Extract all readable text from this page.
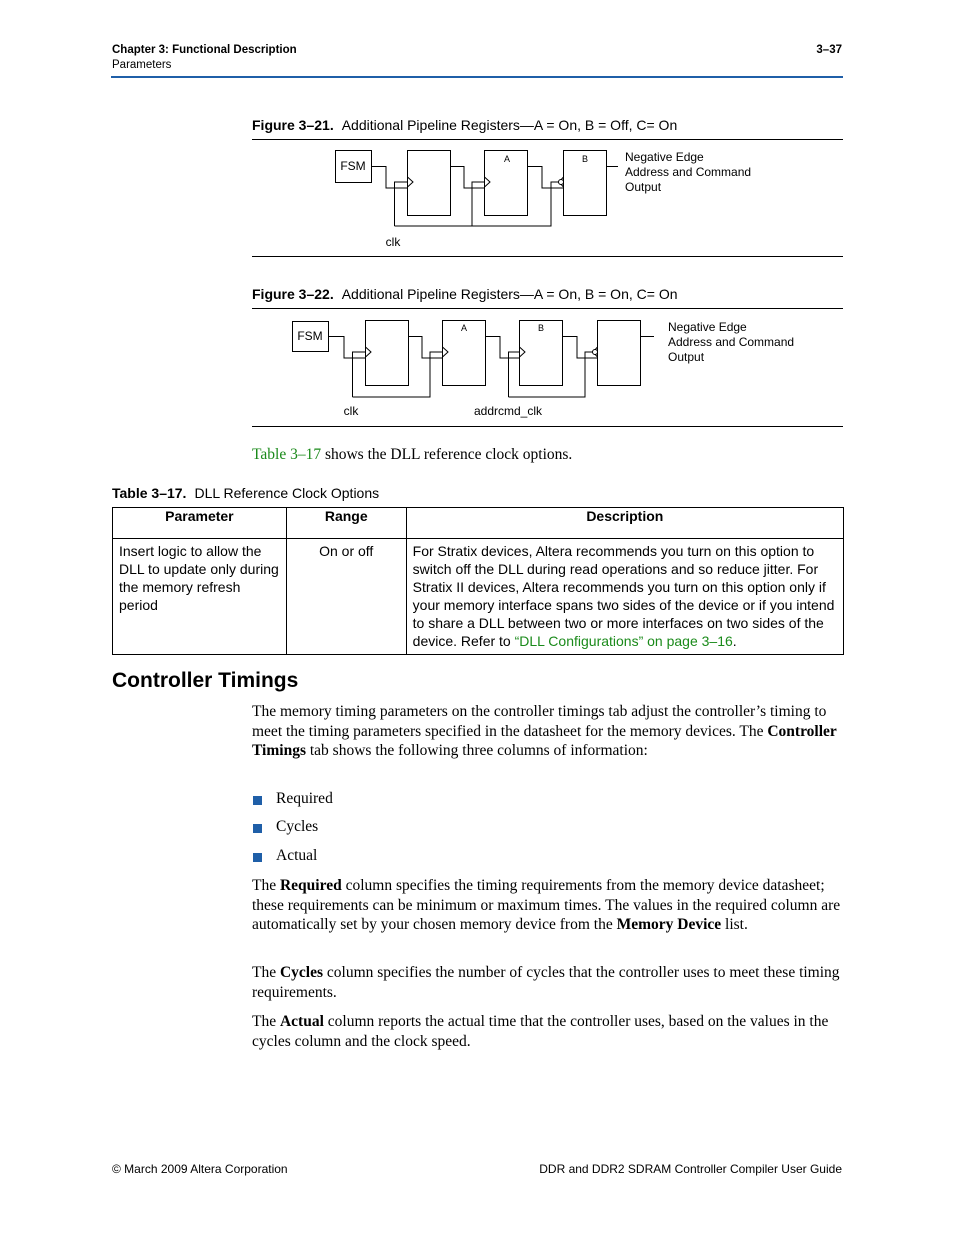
Chapter 3: Functional Description
Parameters
3–37
Figure 3–21. Additional Pipeline Registers—A = On, B = Off, C= On
FSM	A	B
clk
Negative Edge
Address and Command
Output
Figure 3–22. Additional Pipeline Registers—A = On, B = On, C= On
FSM
A	B
clk	addrcmd_clk
Negative Edge
Address and Command
Output
Table 3–17 shows the DLL reference clock options.
Table 3–17. DLL Reference Clock Options
Parameter	Range	Description
Insert logic to allow the DLL to update only during the memory refresh period	On or off	For Stratix devices, Altera recommends you turn on this option to switch off the DLL during read operations and so reduce jitter. For Stratix II devices, Altera recommends you turn on this option only if your memory interface spans two sides of the device or if you intend to share a DLL between two or more interfaces on two sides of the device. Refer to “DLL Configurations” on page 3–16.
Controller Timings
The memory timing parameters on the controller timings tab adjust the controller’s timing to meet the timing parameters specified in the datasheet for the memory devices. The Controller Timings tab shows the following three columns of information:
Required
Cycles
Actual
The Required column specifies the timing requirements from the memory device datasheet; these requirements can be minimum or maximum times. The values in the required column are automatically set by your chosen memory device from the Memory Device list.
The Cycles column specifies the number of cycles that the controller uses to meet these timing requirements.
The Actual column reports the actual time that the controller uses, based on the values in the cycles column and the clock speed.
© March 2009 Altera Corporation	DDR and DDR2 SDRAM Controller Compiler User Guide
